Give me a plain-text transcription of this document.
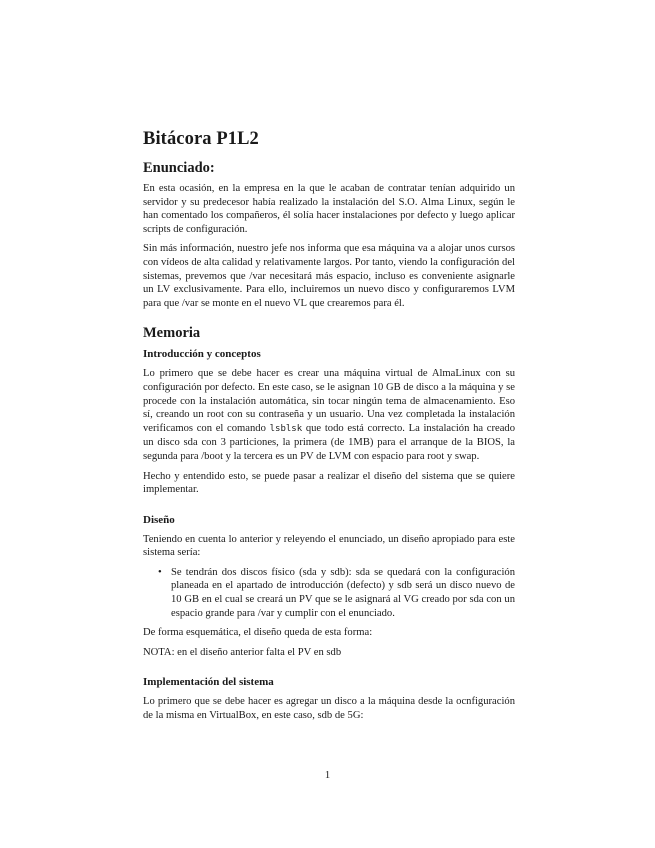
Bitácora P1L2
Enunciado:

En esta ocasión, en la empresa en la que le acaban de contratar tenían adquirido un servidor y su predecesor había realizado la instalación del S.O. Alma Linux, según le han comentado los compañeros, él solía hacer instalaciones por defecto y luego aplicar scripts de configuración.

Sin más información, nuestro jefe nos informa que esa máquina va a alojar unos cursos con vídeos de alta calidad y relativamente largos. Por tanto, viendo la configuración del sistemas, prevemos que /var necesitará más espacio, incluso es conveniente asignarle un LV exclusivamente. Para ello, incluiremos un nuevo disco y configuraremos LVM para que /var se monte en el nuevo VL que crearemos para él.

Memoria
Introducción y conceptos

Lo primero que se debe hacer es crear una máquina virtual de AlmaLinux con su configuración por defecto. En este caso, se le asignan 10 GB de disco a la máquina y se procede con la instalación automática, sin tocar ningún tema de almacenamiento. Eso sí, creando un root con su contraseña y un usuario. Una vez completada la instalación verificamos con el comando lsblsk que todo está correcto. La instalación ha creado un disco sda con 3 particiones, la primera (de 1MB) para el arranque de la BIOS, la segunda para /boot y la tercera es un PV de LVM con espacio para root y swap.

Hecho y entendido esto, se puede pasar a realizar el diseño del sistema que se quiere implementar.

Diseño

Teniendo en cuenta lo anterior y releyendo el enunciado, un diseño apropiado para este sistema sería:

• Se tendrán dos discos físico (sda y sdb): sda se quedará con la configuración planeada en el apartado de introducción (defecto) y sdb será un disco nuevo de 10 GB en el cual se creará un PV que se le asignará al VG creado por sda con un espacio grande para /var y cumplir con el enunciado.

De forma esquemática, el diseño queda de esta forma:

NOTA: en el diseño anterior falta el PV en sdb

Implementación del sistema

Lo primero que se debe hacer es agregar un disco a la máquina desde la ocnfiguración de la misma en VirtualBox, en este caso, sdb de 5G:

1
